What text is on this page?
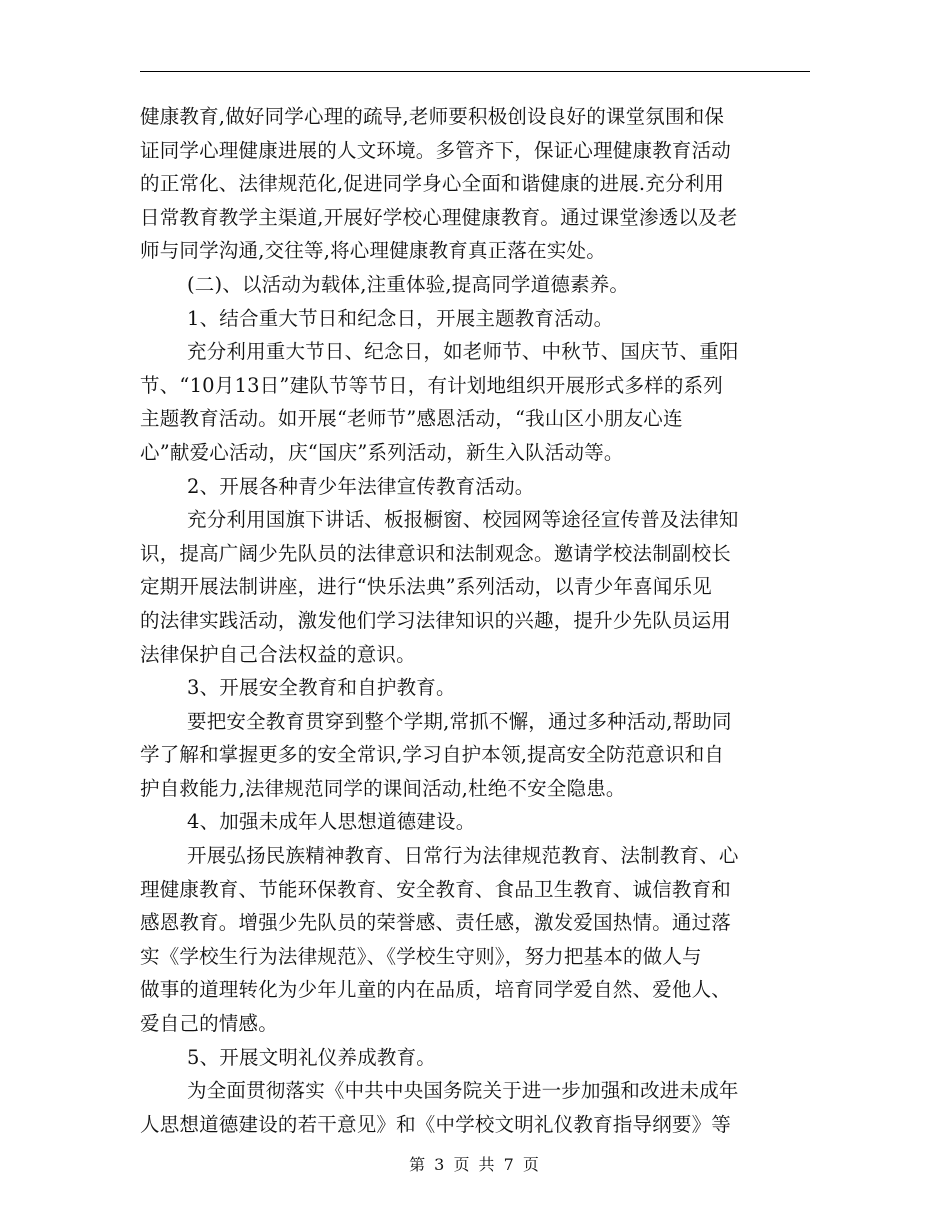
健康教育,做好同学心理的疏导,老师要积极创设良好的课堂氛围和保
证同学心理健康进展的人文环境。多管齐下，保证心理健康教育活动
的正常化、法律规范化,促进同学身心全面和谐健康的进展.充分利用
日常教育教学主渠道,开展好学校心理健康教育。通过课堂渗透以及老
师与同学沟通,交往等,将心理健康教育真正落在实处。
(二)、以活动为载体,注重体验,提高同学道德素养。
1、结合重大节日和纪念日，开展主题教育活动。
充分利用重大节日、纪念日，如老师节、中秋节、国庆节、重阳
节、“10月13日”建队节等节日，有计划地组织开展形式多样的系列
主题教育活动。如开展“老师节”感恩活动，“我山区小朋友心连
心”献爱心活动，庆“国庆”系列活动，新生入队活动等。
2、开展各种青少年法律宣传教育活动。
充分利用国旗下讲话、板报橱窗、校园网等途径宣传普及法律知
识，提高广阔少先队员的法律意识和法制观念。邀请学校法制副校长
定期开展法制讲座，进行“快乐法典”系列活动，以青少年喜闻乐见
的法律实践活动，激发他们学习法律知识的兴趣，提升少先队员运用
法律保护自己合法权益的意识。
3、开展安全教育和自护教育。
要把安全教育贯穿到整个学期,常抓不懈，通过多种活动,帮助同
学了解和掌握更多的安全常识,学习自护本领,提高安全防范意识和自
护自救能力,法律规范同学的课间活动,杜绝不安全隐患。
4、加强未成年人思想道德建设。
开展弘扬民族精神教育、日常行为法律规范教育、法制教育、心
理健康教育、节能环保教育、安全教育、食品卫生教育、诚信教育和
感恩教育。增强少先队员的荣誉感、责任感，激发爱国热情。通过落
实《学校生行为法律规范》、《学校生守则》，努力把基本的做人与
做事的道理转化为少年儿童的内在品质，培育同学爱自然、爱他人、
爱自己的情感。
5、开展文明礼仪养成教育。
为全面贯彻落实《中共中央国务院关于进一步加强和改进未成年
人思想道德建设的若干意见》和《中学校文明礼仪教育指导纲要》等
第 3 页 共 7 页
